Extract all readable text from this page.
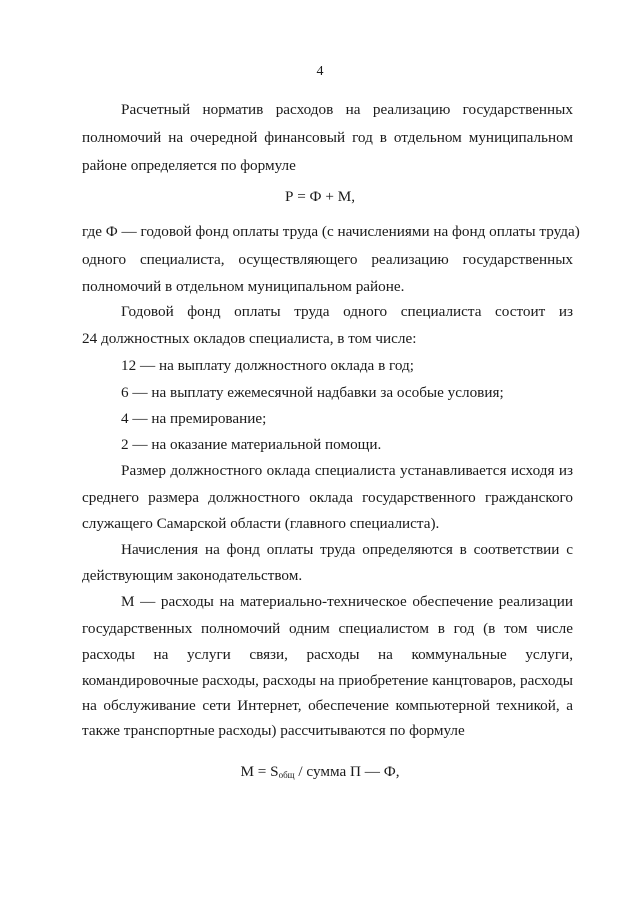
4
Расчетный норматив расходов на реализацию государственных
полномочий на очередной финансовый год в отдельном муниципальном
районе определяется по формуле
Р = Ф + М,
где Ф — годовой фонд оплаты труда (с начислениями на фонд оплаты труда)
одного специалиста, осуществляющего реализацию государственных
полномочий в отдельном муниципальном районе.
Годовой фонд оплаты труда одного специалиста состоит из
24 должностных окладов специалиста, в том числе:
12 — на выплату должностного оклада в год;
6 — на выплату ежемесячной надбавки за особые условия;
4 — на премирование;
2 — на оказание материальной помощи.
Размер должностного оклада специалиста устанавливается исходя из
среднего размера должностного оклада государственного гражданского
служащего Самарской области (главного специалиста).
Начисления на фонд оплаты труда определяются в соответствии с
действующим законодательством.
М — расходы на материально-техническое обеспечение реализации
государственных полномочий одним специалистом в год (в том числе
расходы на услуги связи, расходы на коммунальные услуги,
командировочные расходы, расходы на приобретение канцтоваров, расходы
на обслуживание сети Интернет, обеспечение компьютерной техникой, а
также транспортные расходы) рассчитываются по формуле
$М = S_{общ}$ / сумма П — Ф,
